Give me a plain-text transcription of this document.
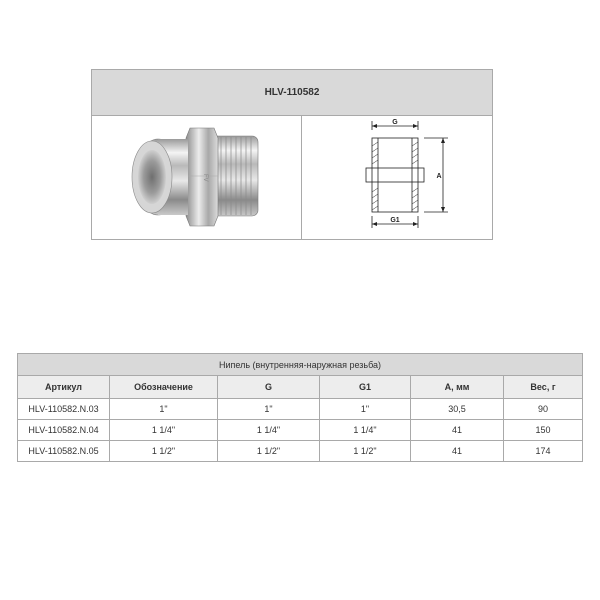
HLV-110582
FV
G
A
G1
Нипель (внутренняя-наружная резьба)					
Артикул	Обозначение	G	G1	A, мм	Вес, г
HLV-110582.N.03	1"	1"	1"	30,5	90
HLV-110582.N.04	1 1/4"	1 1/4"	1 1/4"	41	150
HLV-110582.N.05	1 1/2"	1 1/2"	1 1/2"	41	174
